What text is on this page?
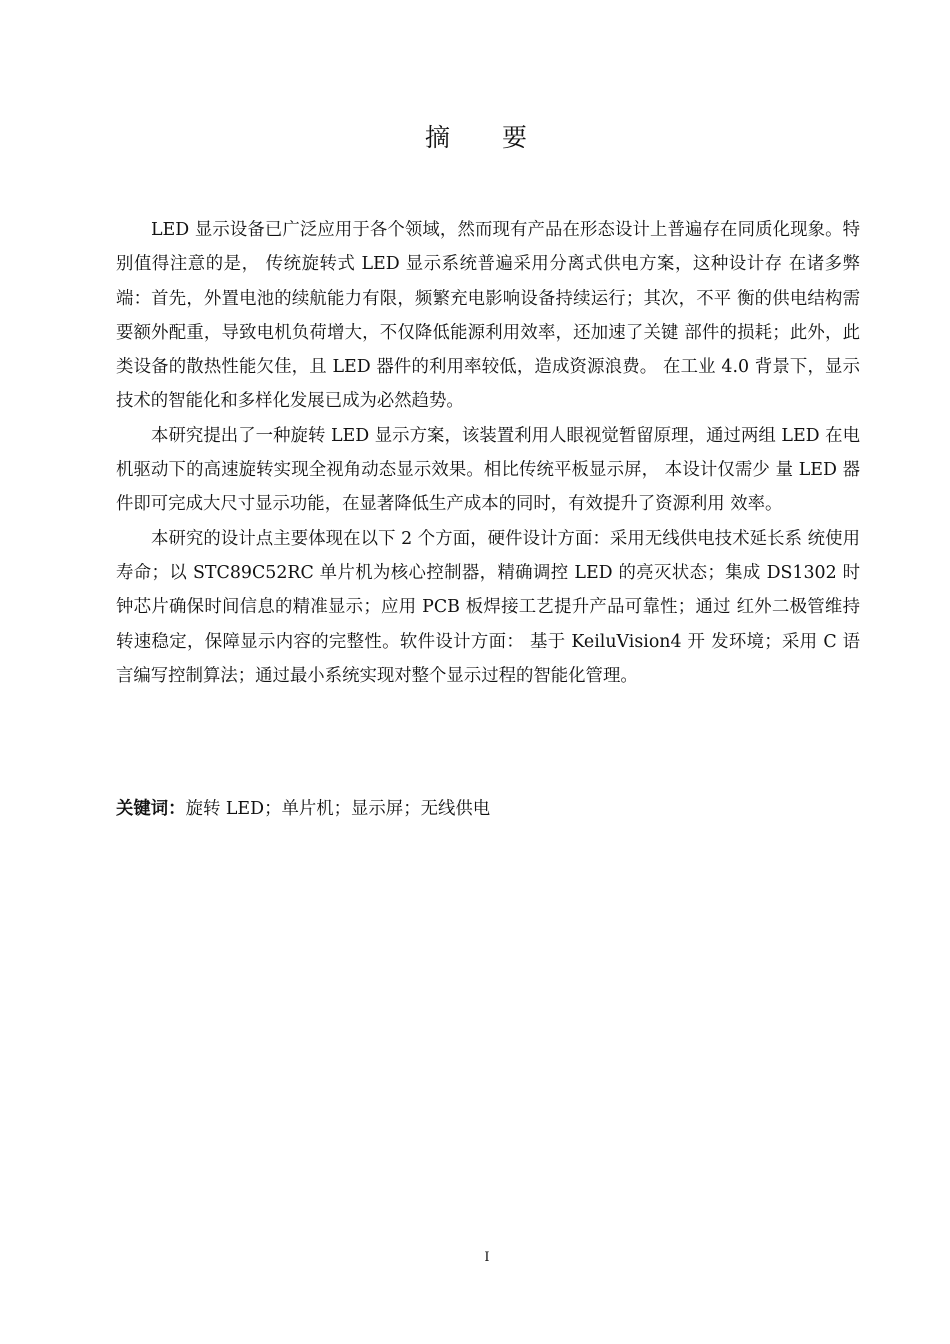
摘 要

LED 显示设备已广泛应用于各个领域，然而现有产品在形态设计上普遍存在同质化现象。特别值得注意的是， 传统旋转式 LED 显示系统普遍采用分离式供电方案，这种设计存 在诸多弊端：首先，外置电池的续航能力有限，频繁充电影响设备持续运行；其次，不平 衡的供电结构需要额外配重，导致电机负荷增大，不仅降低能源利用效率，还加速了关键 部件的损耗；此外，此类设备的散热性能欠佳，且 LED 器件的利用率较低，造成资源浪费。 在工业 4.0 背景下，显示技术的智能化和多样化发展已成为必然趋势。

本研究提出了一种旋转 LED 显示方案，该装置利用人眼视觉暂留原理，通过两组 LED 在电机驱动下的高速旋转实现全视角动态显示效果。相比传统平板显示屏， 本设计仅需少 量 LED 器件即可完成大尺寸显示功能，在显著降低生产成本的同时，有效提升了资源利用 效率。

本研究的设计点主要体现在以下 2 个方面，硬件设计方面：采用无线供电技术延长系 统使用寿命；以 STC89C52RC 单片机为核心控制器，精确调控 LED 的亮灭状态；集成 DS1302 时钟芯片确保时间信息的精准显示；应用 PCB 板焊接工艺提升产品可靠性；通过 红外二极管维持转速稳定，保障显示内容的完整性。软件设计方面： 基于 KeiluVision4 开 发环境；采用 C 语言编写控制算法；通过最小系统实现对整个显示过程的智能化管理。

关键词：旋转 LED；单片机；显示屏；无线供电
I
